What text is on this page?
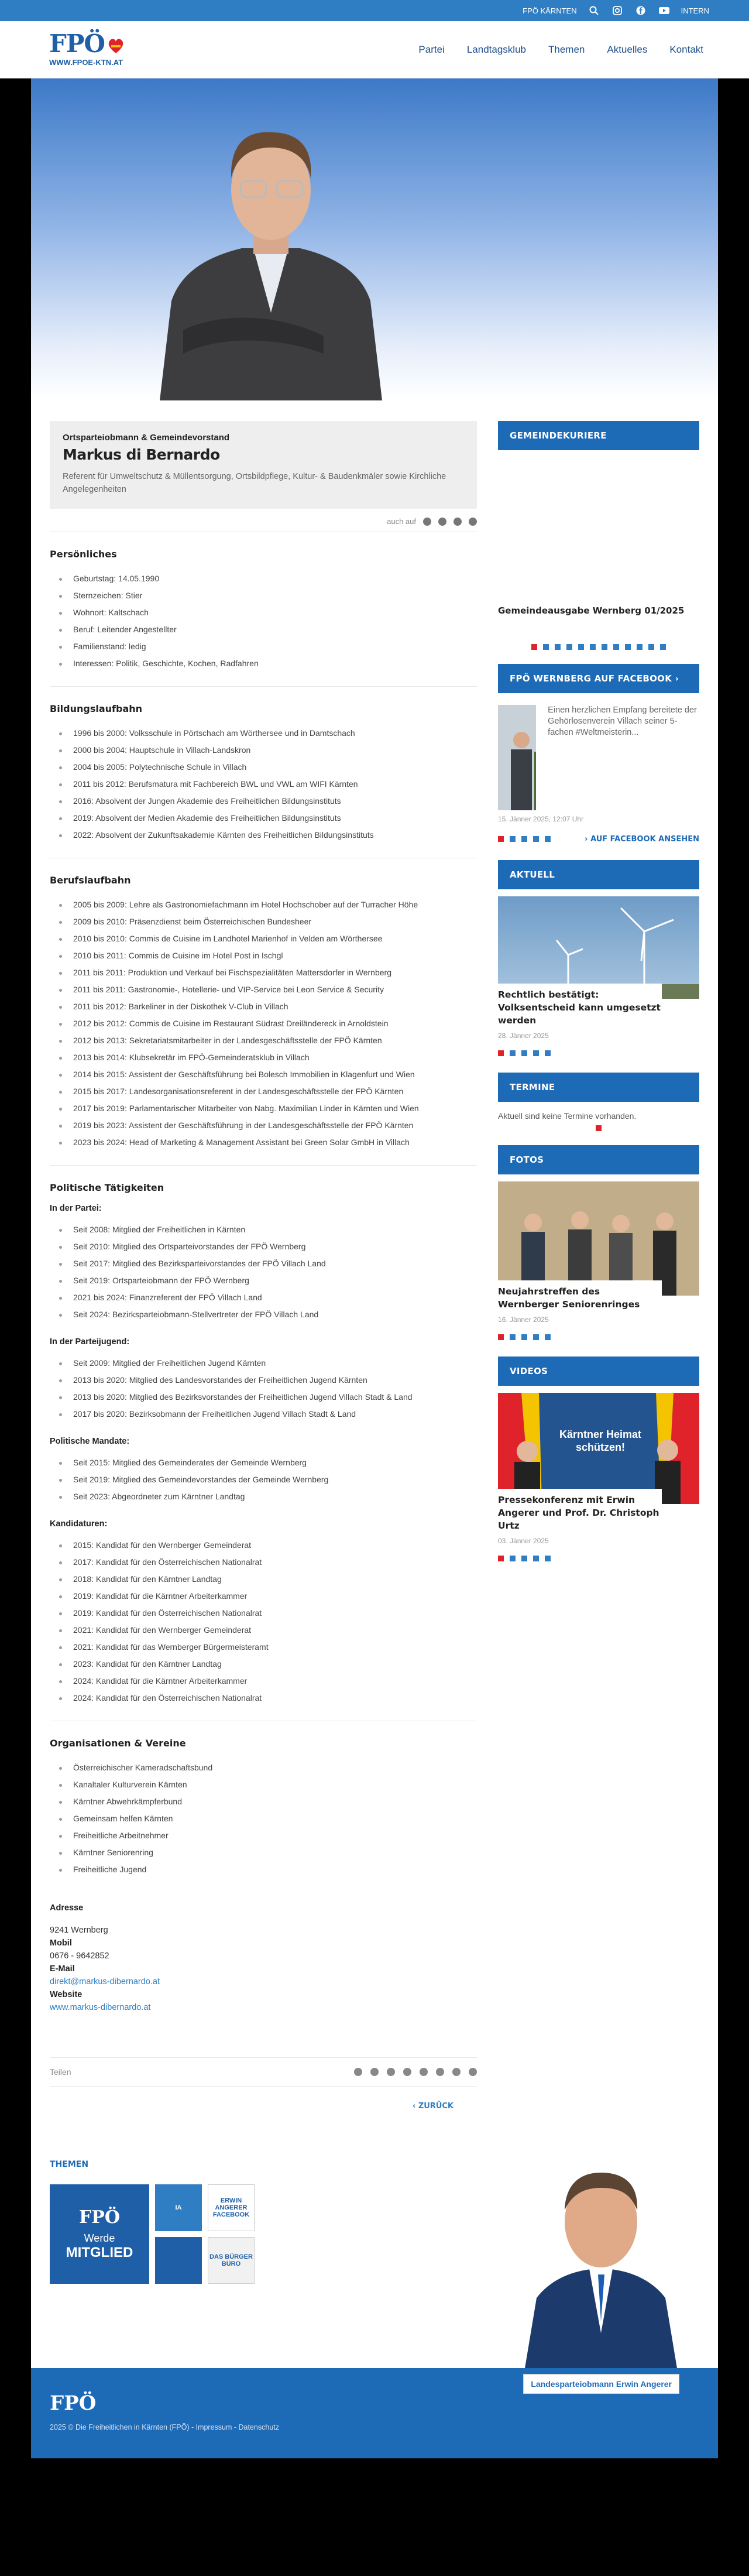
FPÖ KÄRNTEN	INTERN
FPÖ
WWW.FPOE-KTN.AT
Partei Landtagsklub Themen Aktuelles Kontakt
Ortsparteiobmann & Gemeindevorstand
Markus di Bernardo

Referent für Umweltschutz & Müllentsorgung, Ortsbildpflege, Kultur- & Baudenkmäler sowie Kirchliche Angelegenheiten

auch auf
Persönliches
Geburtstag: 14.05.1990
Sternzeichen: Stier
Wohnort: Kaltschach
Beruf: Leitender Angestellter
Familienstand: ledig
Interessen: Politik, Geschichte, Kochen, Radfahren
Bildungslaufbahn
1996 bis 2000: Volksschule in Pörtschach am Wörthersee und in Damtschach
2000 bis 2004: Hauptschule in Villach-Landskron
2004 bis 2005: Polytechnische Schule in Villach
2011 bis 2012: Berufsmatura mit Fachbereich BWL und VWL am WIFI Kärnten
2016: Absolvent der Jungen Akademie des Freiheitlichen Bildungsinstituts
2019: Absolvent der Medien Akademie des Freiheitlichen Bildungsinstituts
2022: Absolvent der Zukunftsakademie Kärnten des Freiheitlichen Bildungsinstituts
Berufslaufbahn
2005 bis 2009: Lehre als Gastronomiefachmann im Hotel Hochschober auf der Turracher Höhe
2009 bis 2010: Präsenzdienst beim Österreichischen Bundesheer
2010 bis 2010: Commis de Cuisine im Landhotel Marienhof in Velden am Wörthersee
2010 bis 2011: Commis de Cuisine im Hotel Post in Ischgl
2011 bis 2011: Produktion und Verkauf bei Fischspezialitäten Mattersdorfer in Wernberg
2011 bis 2011: Gastronomie-, Hotellerie- und VIP-Service bei Leon Service & Security
2011 bis 2012: Barkeliner in der Diskothek V-Club in Villach
2012 bis 2012: Commis de Cuisine im Restaurant Südrast Dreiländereck in Arnoldstein
2012 bis 2013: Sekretariatsmitarbeiter in der Landesgeschäftsstelle der FPÖ Kärnten
2013 bis 2014: Klubsekretär im FPÖ-Gemeinderatsklub in Villach
2014 bis 2015: Assistent der Geschäftsführung bei Bolesch Immobilien in Klagenfurt und Wien
2015 bis 2017: Landesorganisationsreferent in der Landesgeschäftsstelle der FPÖ Kärnten
2017 bis 2019: Parlamentarischer Mitarbeiter von Nabg. Maximilian Linder in Kärnten und Wien
2019 bis 2023: Assistent der Geschäftsführung in der Landesgeschäftsstelle der FPÖ Kärnten
2023 bis 2024: Head of Marketing & Management Assistant bei Green Solar GmbH in Villach
Politische Tätigkeiten
In der Partei:
Seit 2008: Mitglied der Freiheitlichen in Kärnten
Seit 2010: Mitglied des Ortsparteivorstandes der FPÖ Wernberg
Seit 2017: Mitglied des Bezirksparteivorstandes der FPÖ Villach Land
Seit 2019: Ortsparteiobmann der FPÖ Wernberg
2021 bis 2024: Finanzreferent der FPÖ Villach Land
Seit 2024: Bezirksparteiobmann-Stellvertreter der FPÖ Villach Land
In der Parteijugend:
Seit 2009: Mitglied der Freiheitlichen Jugend Kärnten
2013 bis 2020: Mitglied des Landesvorstandes der Freiheitlichen Jugend Kärnten
2013 bis 2020: Mitglied des Bezirksvorstandes der Freiheitlichen Jugend Villach Stadt & Land
2017 bis 2020: Bezirksobmann der Freiheitlichen Jugend Villach Stadt & Land
Politische Mandate:
Seit 2015: Mitglied des Gemeinderates der Gemeinde Wernberg
Seit 2019: Mitglied des Gemeindevorstandes der Gemeinde Wernberg
Seit 2023: Abgeordneter zum Kärntner Landtag
Kandidaturen:
2015: Kandidat für den Wernberger Gemeinderat
2017: Kandidat für den Österreichischen Nationalrat
2018: Kandidat für den Kärntner Landtag
2019: Kandidat für die Kärntner Arbeiterkammer
2019: Kandidat für den Österreichischen Nationalrat
2021: Kandidat für den Wernberger Gemeinderat
2021: Kandidat für das Wernberger Bürgermeisteramt
2023: Kandidat für den Kärntner Landtag
2024: Kandidat für die Kärntner Arbeiterkammer
2024: Kandidat für den Österreichischen Nationalrat
Organisationen & Vereine
Österreichischer Kameradschaftsbund
Kanaltaler Kulturverein Kärnten
Kärntner Abwehrkämpferbund
Gemeinsam helfen Kärnten
Freiheitliche Arbeitnehmer
Kärntner Seniorenring
Freiheitliche Jugend
Adresse
9241 Wernberg
Mobil
0676 - 9642852
E-Mail
direkt@markus-dibernardo.at
Website
www.markus-dibernardo.at
Teilen
‹ ZURÜCK
GEMEINDEKURIERE
Gemeindeausgabe Wernberg 01/2025
FPÖ WERNBERG AUF FACEBOOK ›
Einen herzlichen Empfang bereitete der Gehörlosenverein Villach seiner 5-fachen #Weltmeisterin...
15. Jänner 2025, 12:07 Uhr
› AUF FACEBOOK ANSEHEN
AKTUELL
Rechtlich bestätigt: Volksentscheid kann umgesetzt werden
28. Jänner 2025
TERMINE
Aktuell sind keine Termine vorhanden.
FOTOS
Neujahrstreffen des Wernberger Seniorenringes
16. Jänner 2025
VIDEOS
Kärntner Heimat schützen!
Pressekonferenz mit Erwin Angerer und Prof. Dr. Christoph Urtz
03. Jänner 2025
THEMEN
FPÖ
Werde
MITGLIED
IA
ERWIN ANGERER FACEBOOK
DAS BÜRGER BÜRO
Landesparteiobmann Erwin Angerer
FPÖ
2025 © Die Freiheitlichen in Kärnten (FPÖ) - Impressum - Datenschutz
